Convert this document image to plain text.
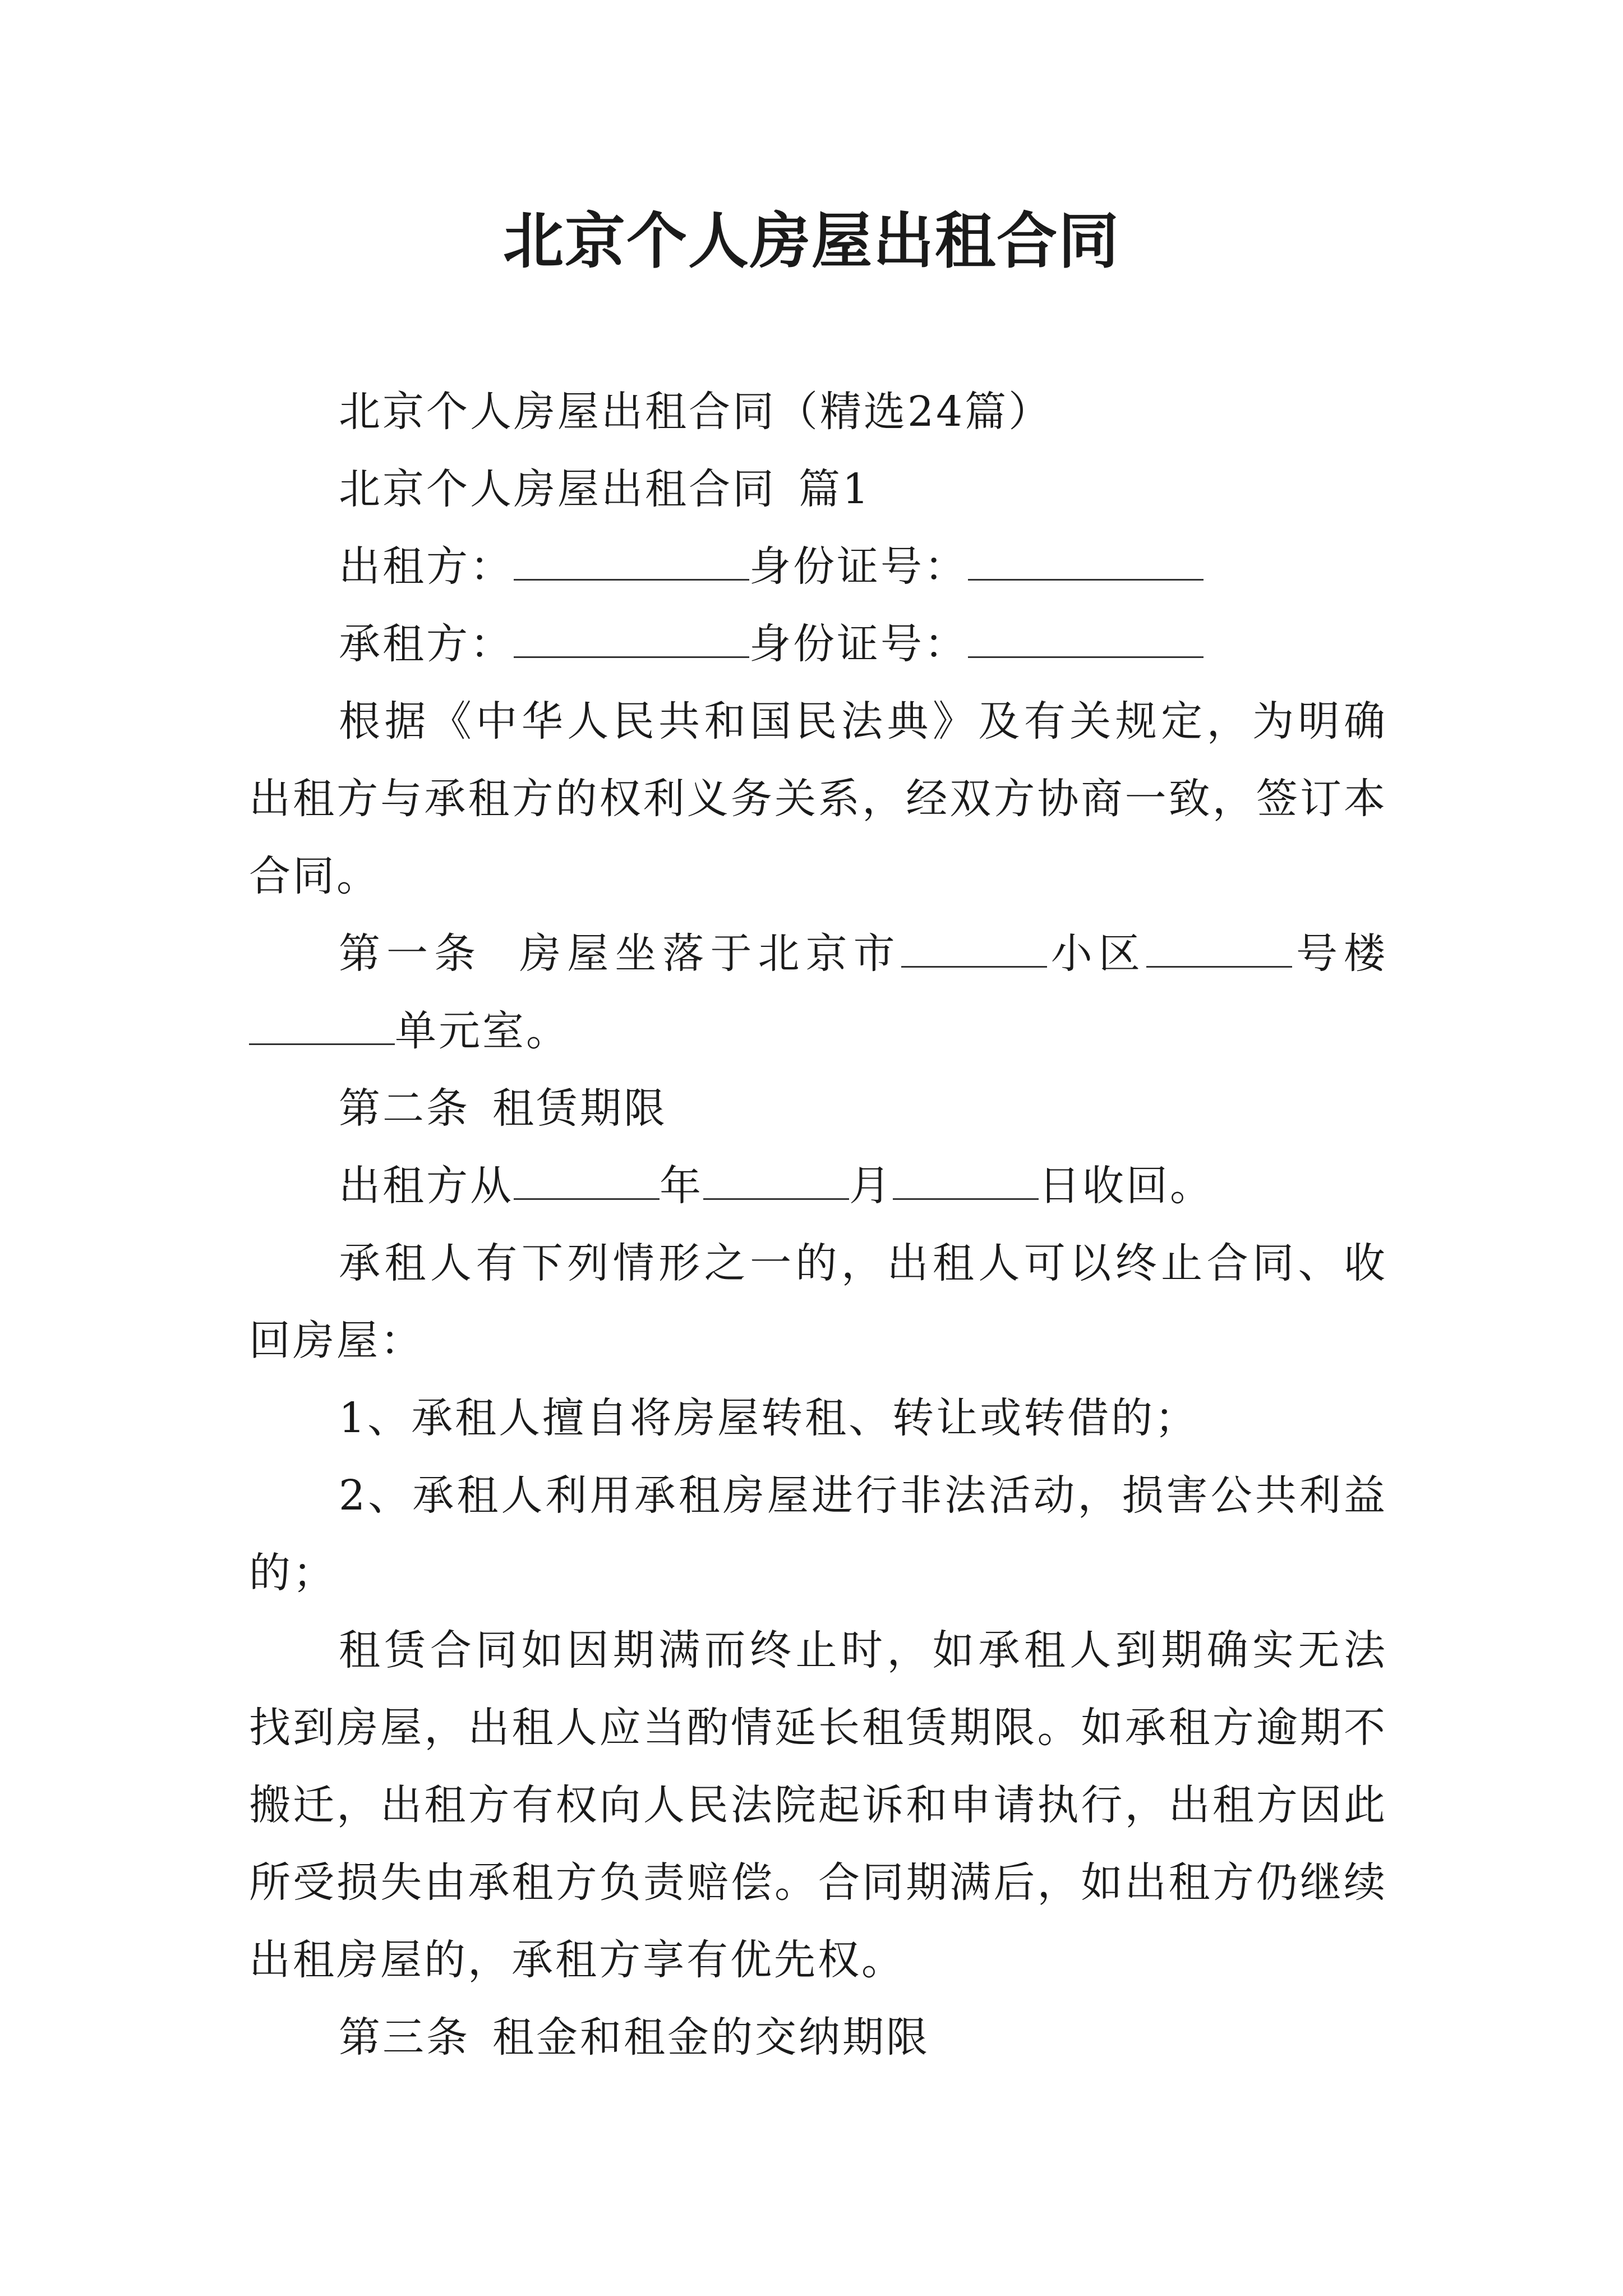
北京个人房屋出租合同

北京个人房屋出租合同（精选24篇）

北京个人房屋出租合同 篇1

出租方：	身份证号：

承租方：	身份证号：

根据《中华人民共和国民法典》及有关规定，为明确出租方与承租方的权利义务关系，经双方协商一致，签订本合同。

第一条 房屋坐落于北京市	小区	号楼单元室。

第二条 租赁期限

出租方从	年	月	日收回。

承租人有下列情形之一的，出租人可以终止合同、收回房屋：

1、承租人擅自将房屋转租、转让或转借的；

2、承租人利用承租房屋进行非法活动，损害公共利益的；

租赁合同如因期满而终止时，如承租人到期确实无法找到房屋，出租人应当酌情延长租赁期限。如承租方逾期不搬迁，出租方有权向人民法院起诉和申请执行，出租方因此所受损失由承租方负责赔偿。合同期满后，如出租方仍继续出租房屋的，承租方享有优先权。

第三条 租金和租金的交纳期限
